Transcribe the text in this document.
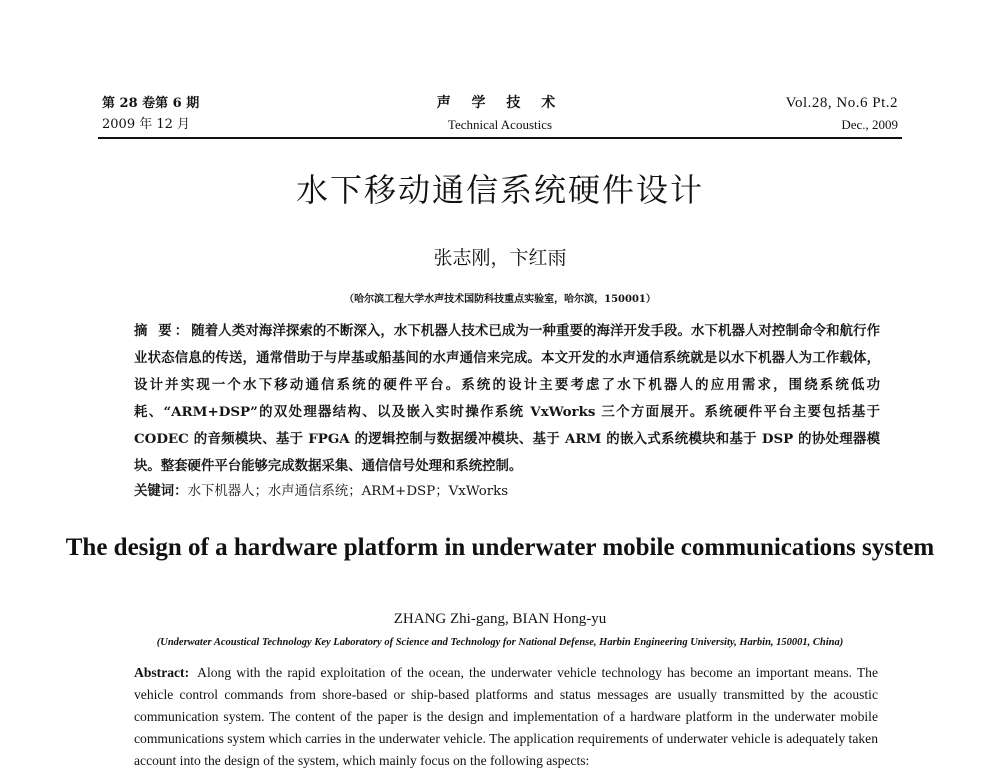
第 28 卷第 6 期
2009 年 12 月
声 学 技 术
Technical Acoustics
Vol.28, No.6 Pt.2
Dec., 2009
水下移动通信系统硬件设计
张志刚，卞红雨
（哈尔滨工程大学水声技术国防科技重点实验室，哈尔滨，150001）
摘 要：随着人类对海洋探索的不断深入，水下机器人技术已成为一种重要的海洋开发手段。水下机器人对控制命令和航行作业状态信息的传送，通常借助于与岸基或船基间的水声通信来完成。本文开发的水声通信系统就是以水下机器人为工作载体，设计并实现一个水下移动通信系统的硬件平台。系统的设计主要考虑了水下机器人的应用需求，围绕系统低功耗、“ARM+DSP”的双处理器结构、以及嵌入实时操作系统 VxWorks 三个方面展开。系统硬件平台主要包括基于 CODEC 的音频模块、基于 FPGA 的逻辑控制与数据缓冲模块、基于 ARM 的嵌入式系统模块和基于 DSP 的协处理器模块。整套硬件平台能够完成数据采集、通信信号处理和系统控制。
关键词：水下机器人；水声通信系统；ARM+DSP；VxWorks
The design of a hardware platform in underwater mobile communications system
ZHANG Zhi-gang, BIAN Hong-yu
(Underwater Acoustical Technology Key Laboratory of Science and Technology for National Defense, Harbin Engineering University, Harbin, 150001, China)
Abstract: Along with the rapid exploitation of the ocean, the underwater vehicle technology has become an important means. The vehicle control commands from shore-based or ship-based platforms and status messages are usually transmitted by the acoustic communication system. The content of the paper is the design and implementation of a hardware platform in the underwater mobile communications system which carries in the underwater vehicle. The application requirements of underwater vehicle is adequately taken account into the design of the system, which mainly focus on the following aspects:
